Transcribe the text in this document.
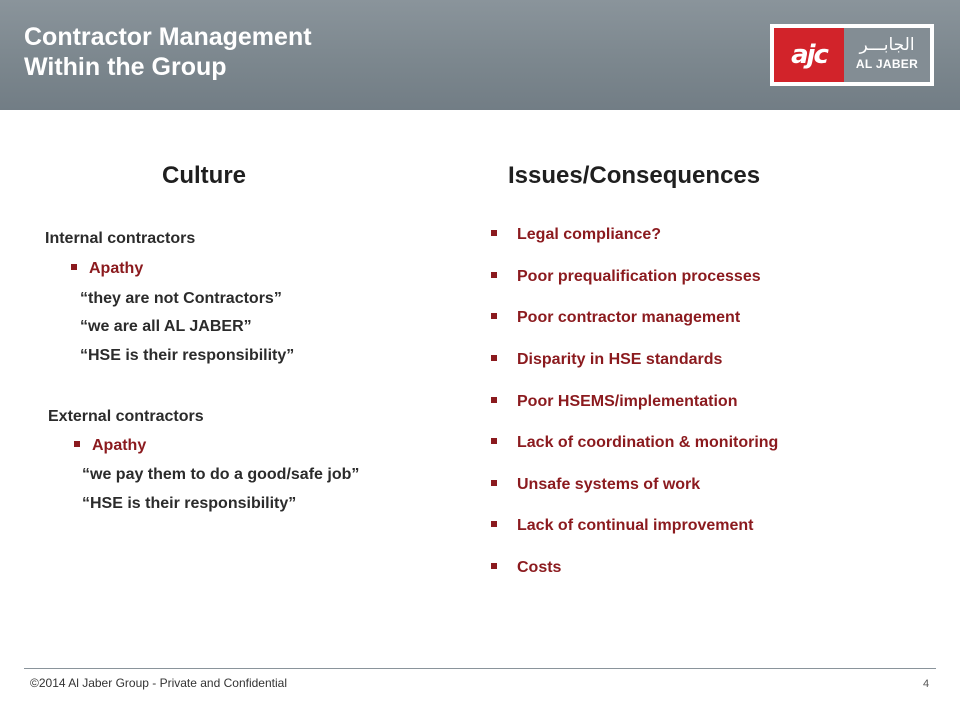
Contractor Management
Within the Group	ajc	الجابـــر
AL JABER
Culture	Issues/Consequences
Internal contractors
Apathy
“they are not Contractors”
“we are all AL JABER”
“HSE is their responsibility”
External contractors
Apathy
“we pay them to do a good/safe job”
“HSE is their responsibility”
Legal compliance?
Poor prequalification processes
Poor contractor management
Disparity in HSE standards
Poor HSEMS/implementation
Lack of coordination & monitoring
Unsafe systems of work
Lack of continual improvement
Costs
©2014 Al Jaber Group - Private and Confidential	4
